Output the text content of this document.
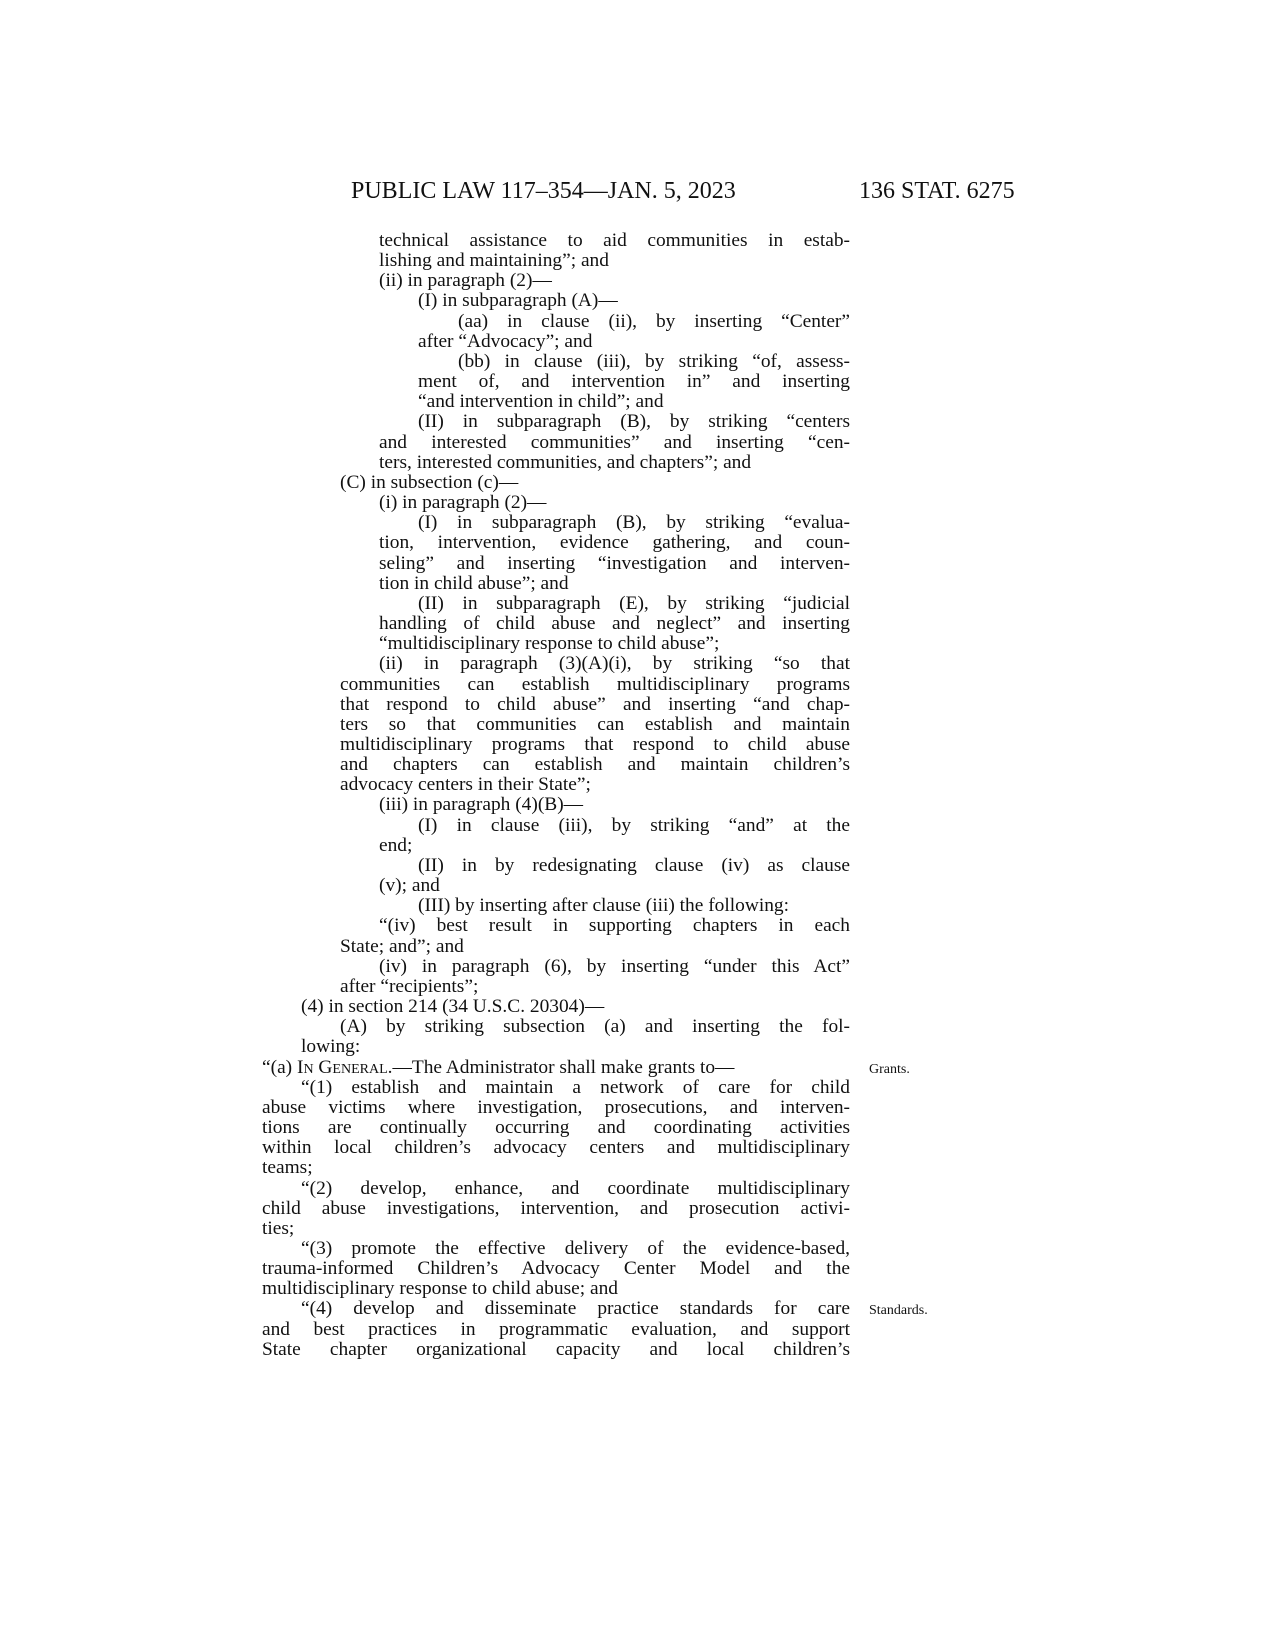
PUBLIC LAW 117–354—JAN. 5, 2023	136 STAT. 6275
technical assistance to aid communities in estab-
lishing and maintaining”; and
(ii) in paragraph (2)—
(I) in subparagraph (A)—
(aa) in clause (ii), by inserting “Center”
after “Advocacy”; and
(bb) in clause (iii), by striking “of, assess-
ment of, and intervention in” and inserting
“and intervention in child”; and
(II) in subparagraph (B), by striking “centers
and interested communities” and inserting “cen-
ters, interested communities, and chapters”; and
(C) in subsection (c)—
(i) in paragraph (2)—
(I) in subparagraph (B), by striking “evalua-
tion, intervention, evidence gathering, and coun-
seling” and inserting “investigation and interven-
tion in child abuse”; and
(II) in subparagraph (E), by striking “judicial
handling of child abuse and neglect” and inserting
“multidisciplinary response to child abuse”;
(ii) in paragraph (3)(A)(i), by striking “so that
communities can establish multidisciplinary programs
that respond to child abuse” and inserting “and chap-
ters so that communities can establish and maintain
multidisciplinary programs that respond to child abuse
and chapters can establish and maintain children’s
advocacy centers in their State”;
(iii) in paragraph (4)(B)—
(I) in clause (iii), by striking “and” at the
end;
(II) in by redesignating clause (iv) as clause
(v); and
(III) by inserting after clause (iii) the following:
“(iv) best result in supporting chapters in each
State; and”; and
(iv) in paragraph (6), by inserting “under this Act”
after “recipients”;
(4) in section 214 (34 U.S.C. 20304)—
(A) by striking subsection (a) and inserting the fol-
lowing:
“(a) In General.—The Administrator shall make grants to—
“(1) establish and maintain a network of care for child
abuse victims where investigation, prosecutions, and interven-
tions are continually occurring and coordinating activities
within local children’s advocacy centers and multidisciplinary
teams;
“(2) develop, enhance, and coordinate multidisciplinary
child abuse investigations, intervention, and prosecution activi-
ties;
“(3) promote the effective delivery of the evidence-based,
trauma-informed Children’s Advocacy Center Model and the
multidisciplinary response to child abuse; and
“(4) develop and disseminate practice standards for care
and best practices in programmatic evaluation, and support
State chapter organizational capacity and local children’s
Grants.
Standards.
